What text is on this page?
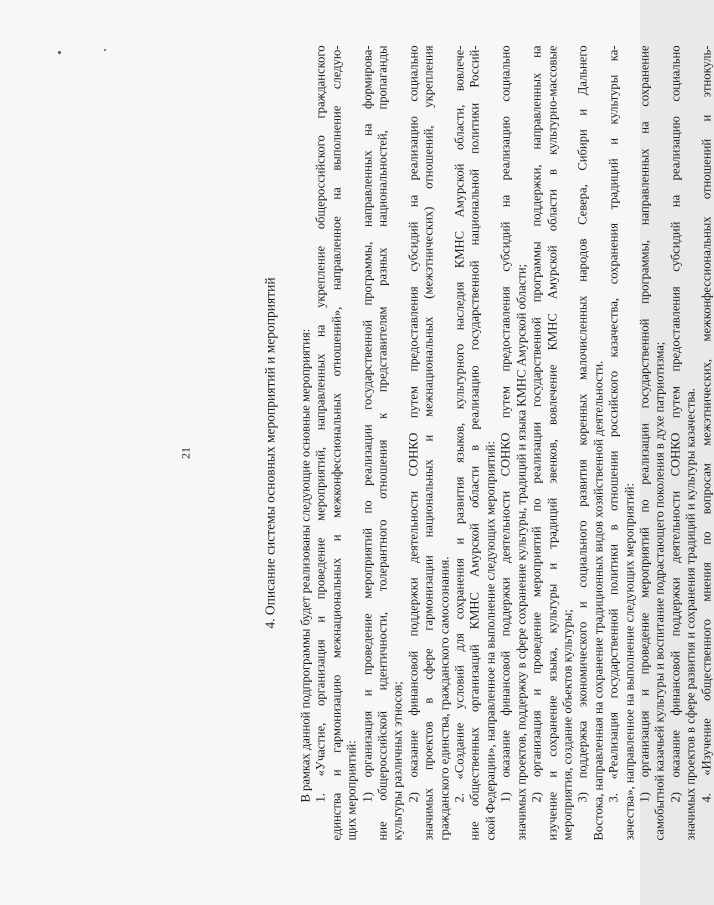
21	4. Описание системы основных мероприятий и мероприятий В рамках данной подпрограммы будет реализованы следующие основные мероприятия: 1. «Участие, организация и проведение мероприятий, направленных на укрепление общероссийского гражданского единства и гармонизацию межнациональных и межконфессиональных отношений», направленное на выполнение следую- щих мероприятий: 1) организация и проведение мероприятий по реализации государственной программы, направленных на формирова- ние общероссийской идентичности, толерантного отношения к представителям разных национальностей, пропаганды культуры различных этносов; 2) оказание финансовой поддержки деятельности СОНКО путем предоставления субсидий на реализацию социально значимых проектов в сфере гармонизации национальных и межнациональных (межэтнических) отношений, укрепления гражданского единства, гражданского самосознания. 2. «Создание условий для сохранения и развития языков, культурного наследия КМНС Амурской области, вовлече- ние общественных организаций КМНС Амурской области в реализацию государственной национальной политики Россий- ской Федерации», направленное на выполнение следующих мероприятий: 1) оказание финансовой поддержки деятельности СОНКО путем предоставления субсидий на реализацию социально значимых проектов, поддержку в сфере сохранение культуры, традиций и языка КМНС Амурской области; 2) организация и проведение мероприятий по реализации государственной программы поддержки, направленных на изучение и сохранение языка, культуры и традиций эвенков, вовлечение КМНС Амурской области в культурно-массовые мероприятия, создание объектов культуры; 3) поддержка экономического и социального развития коренных малочисленных народов Севера, Сибири и Дальнего Востока, направленная на сохранение традиционных видов хозяйственной деятельности. 3. «Реализация государственной политики в отношении российского казачества, сохранения традиций и культуры ка- зачества», направленное на выполнение следующих мероприятий: 1) организация и проведение мероприятий по реализации государственной программы, направленных на сохранение самобытной казачьей культуры и воспитание подрастающего поколения в духе патриотизма; 2) оказание финансовой поддержки деятельности СОНКО путем предоставления субсидий на реализацию социально значимых проектов в сфере развития и сохранения традиций и культуры казачества. 4. «Изучение общественного мнения по вопросам межэтнических, межконфессиональных отношений и этнокуль-
